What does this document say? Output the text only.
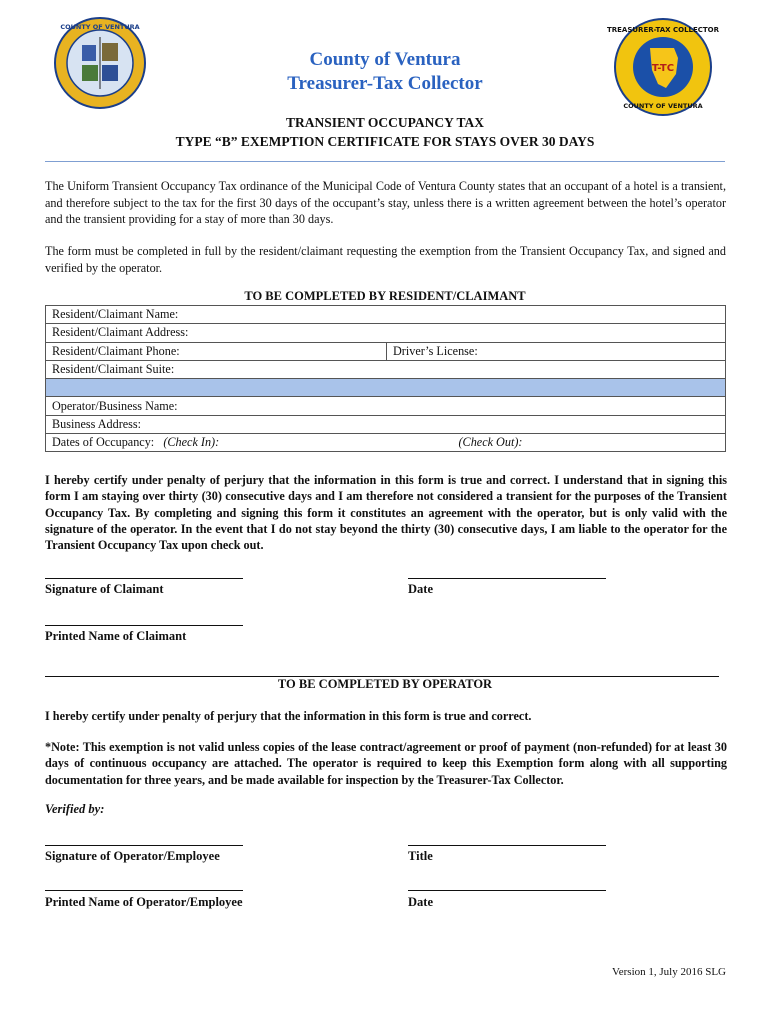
COUNTY OF VENTURA	TREASURER-TAX COLLECTOR
T-TC
COUNTY OF VENTURA
County of Ventura
Treasurer-Tax Collector
TRANSIENT OCCUPANCY TAX
TYPE “B” EXEMPTION CERTIFICATE FOR STAYS OVER 30 DAYS
The Uniform Transient Occupancy Tax ordinance of the Municipal Code of Ventura County states that an occupant of a hotel is a transient, and therefore subject to the tax for the first 30 days of the occupant’s stay, unless there is a written agreement between the hotel’s operator and the transient providing for a stay of more than 30 days.
The form must be completed in full by the resident/claimant requesting the exemption from the Transient Occupancy Tax, and signed and verified by the operator.
TO BE COMPLETED BY RESIDENT/CLAIMANT
Resident/Claimant Name:
Resident/Claimant Address:
Resident/Claimant Phone:	Driver’s License:
Resident/Claimant Suite:

Operator/Business Name:
Business Address:
Dates of Occupancy: (Check In):	(Check Out):
I hereby certify under penalty of perjury that the information in this form is true and correct. I understand that in signing this form I am staying over thirty (30) consecutive days and I am therefore not considered a transient for the purposes of the Transient Occupancy Tax. By completing and signing this form it constitutes an agreement with the operator, but is only valid with the signature of the operator. In the event that I do not stay beyond the thirty (30) consecutive days, I am liable to the operator for the Transient Occupancy Tax upon check out.
Signature of Claimant	Date
Printed Name of Claimant
TO BE COMPLETED BY OPERATOR
I hereby certify under penalty of perjury that the information in this form is true and correct.
*Note: This exemption is not valid unless copies of the lease contract/agreement or proof of payment (non-refunded) for at least 30 days of continuous occupancy are attached. The operator is required to keep this Exemption form along with all supporting documentation for three years, and be made available for inspection by the Treasurer-Tax Collector.
Verified by:
Signature of Operator/Employee	Title
Printed Name of Operator/Employee	Date
Version 1, July 2016 SLG
